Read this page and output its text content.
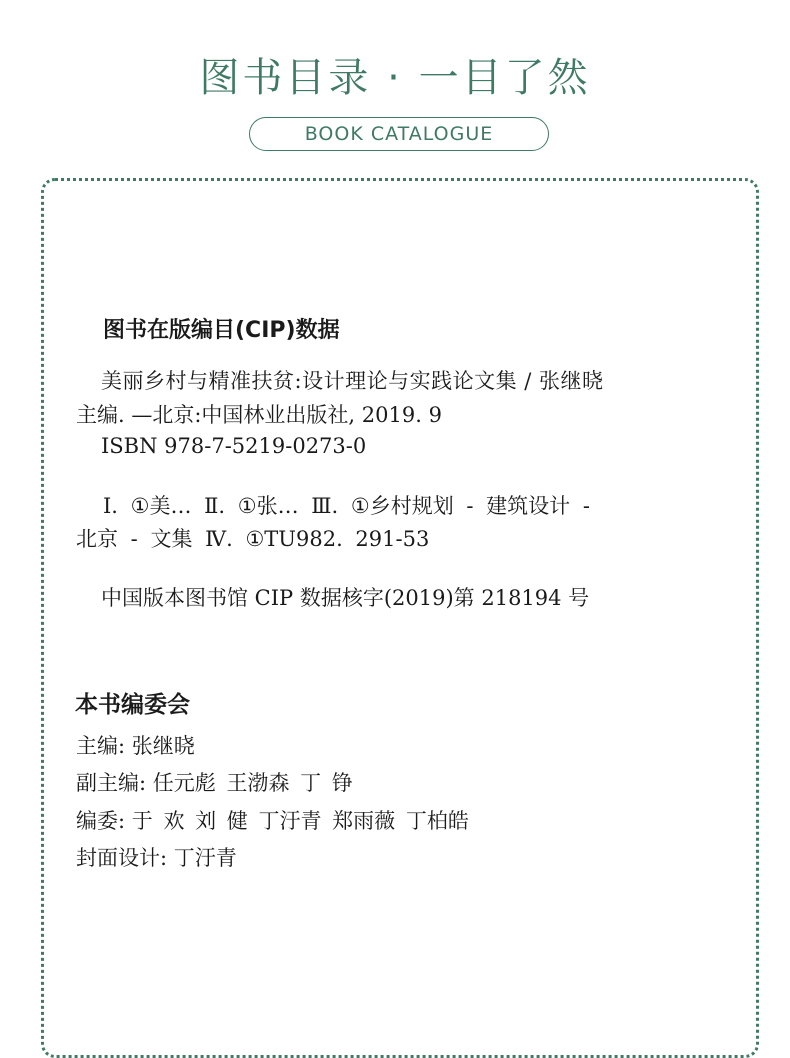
图书目录 · 一目了然
BOOK CATALOGUE
图书在版编目(CIP)数据
美丽乡村与精准扶贫:设计理论与实践论文集 / 张继晓
主编. —北京:中国林业出版社, 2019. 9
ISBN 978-7-5219-0273-0
Ⅰ. ①美… Ⅱ. ①张… Ⅲ. ①乡村规划 - 建筑设计 -
北京 - 文集 Ⅳ. ①TU982. 291-53
中国版本图书馆 CIP 数据核字(2019)第 218194 号
本书编委会
主编: 张继晓
副主编: 任元彪 王渤森 丁 铮
编委: 于 欢 刘 健 丁汙青 郑雨薇 丁柏皓
封面设计: 丁汙青
